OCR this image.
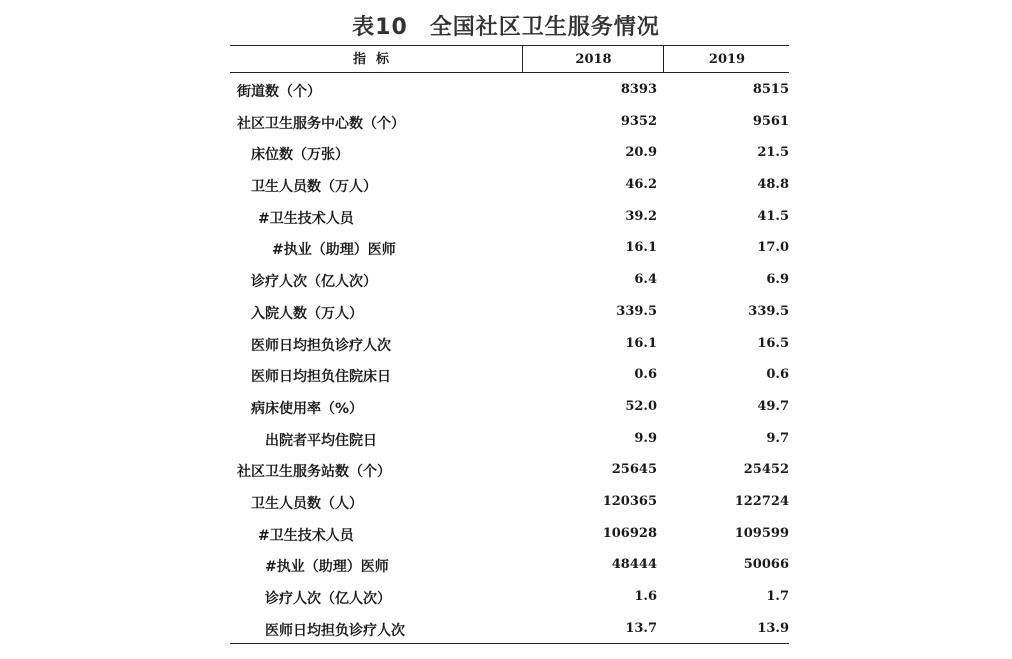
表10 全国社区卫生服务情况
指标	2018	2019
街道数（个）	8393	8515
社区卫生服务中心数（个）	9352	9561
床位数（万张）	20.9	21.5
卫生人员数（万人）	46.2	48.8
#卫生技术人员	39.2	41.5
#执业（助理）医师	16.1	17.0
诊疗人次（亿人次）	6.4	6.9
入院人数（万人）	339.5	339.5
医师日均担负诊疗人次	16.1	16.5
医师日均担负住院床日	0.6	0.6
病床使用率（%）	52.0	49.7
出院者平均住院日	9.9	9.7
社区卫生服务站数（个）	25645	25452
卫生人员数（人）	120365	122724
#卫生技术人员	106928	109599
#执业（助理）医师	48444	50066
诊疗人次（亿人次）	1.6	1.7
医师日均担负诊疗人次	13.7	13.9
